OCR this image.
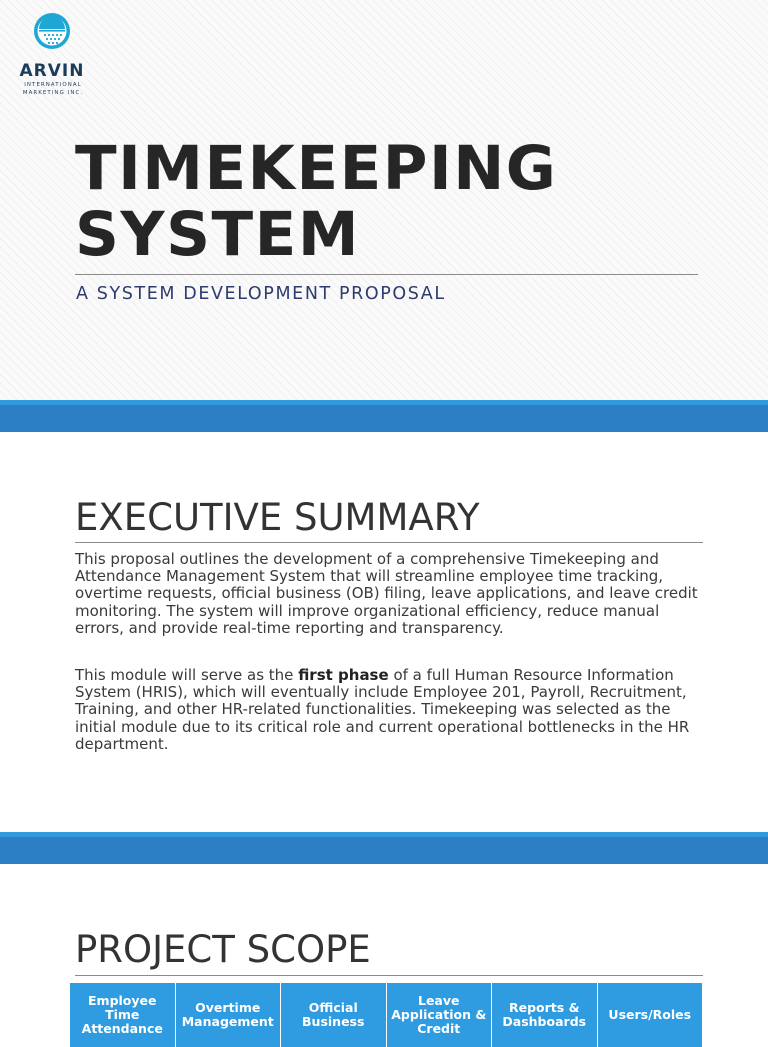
ARVIN
INTERNATIONAL
MARKETING INC.
TIMEKEEPING
SYSTEM
A SYSTEM DEVELOPMENT PROPOSAL
EXECUTIVE SUMMARY

This proposal outlines the development of a comprehensive Timekeeping and Attendance Management System that will streamline employee time tracking, overtime requests, official business (OB) filing, leave applications, and leave credit monitoring. The system will improve organizational efficiency, reduce manual errors, and provide real-time reporting and transparency.

This module will serve as the first phase of a full Human Resource Information System (HRIS), which will eventually include Employee 201, Payroll, Recruitment, Training, and other HR-related functionalities. Timekeeping was selected as the initial module due to its critical role and current operational bottlenecks in the HR department.

PROJECT SCOPE
Employee Time Attendance
Overtime Management
Official Business
Leave Application & Credit
Reports & Dashboards	Users/Roles
